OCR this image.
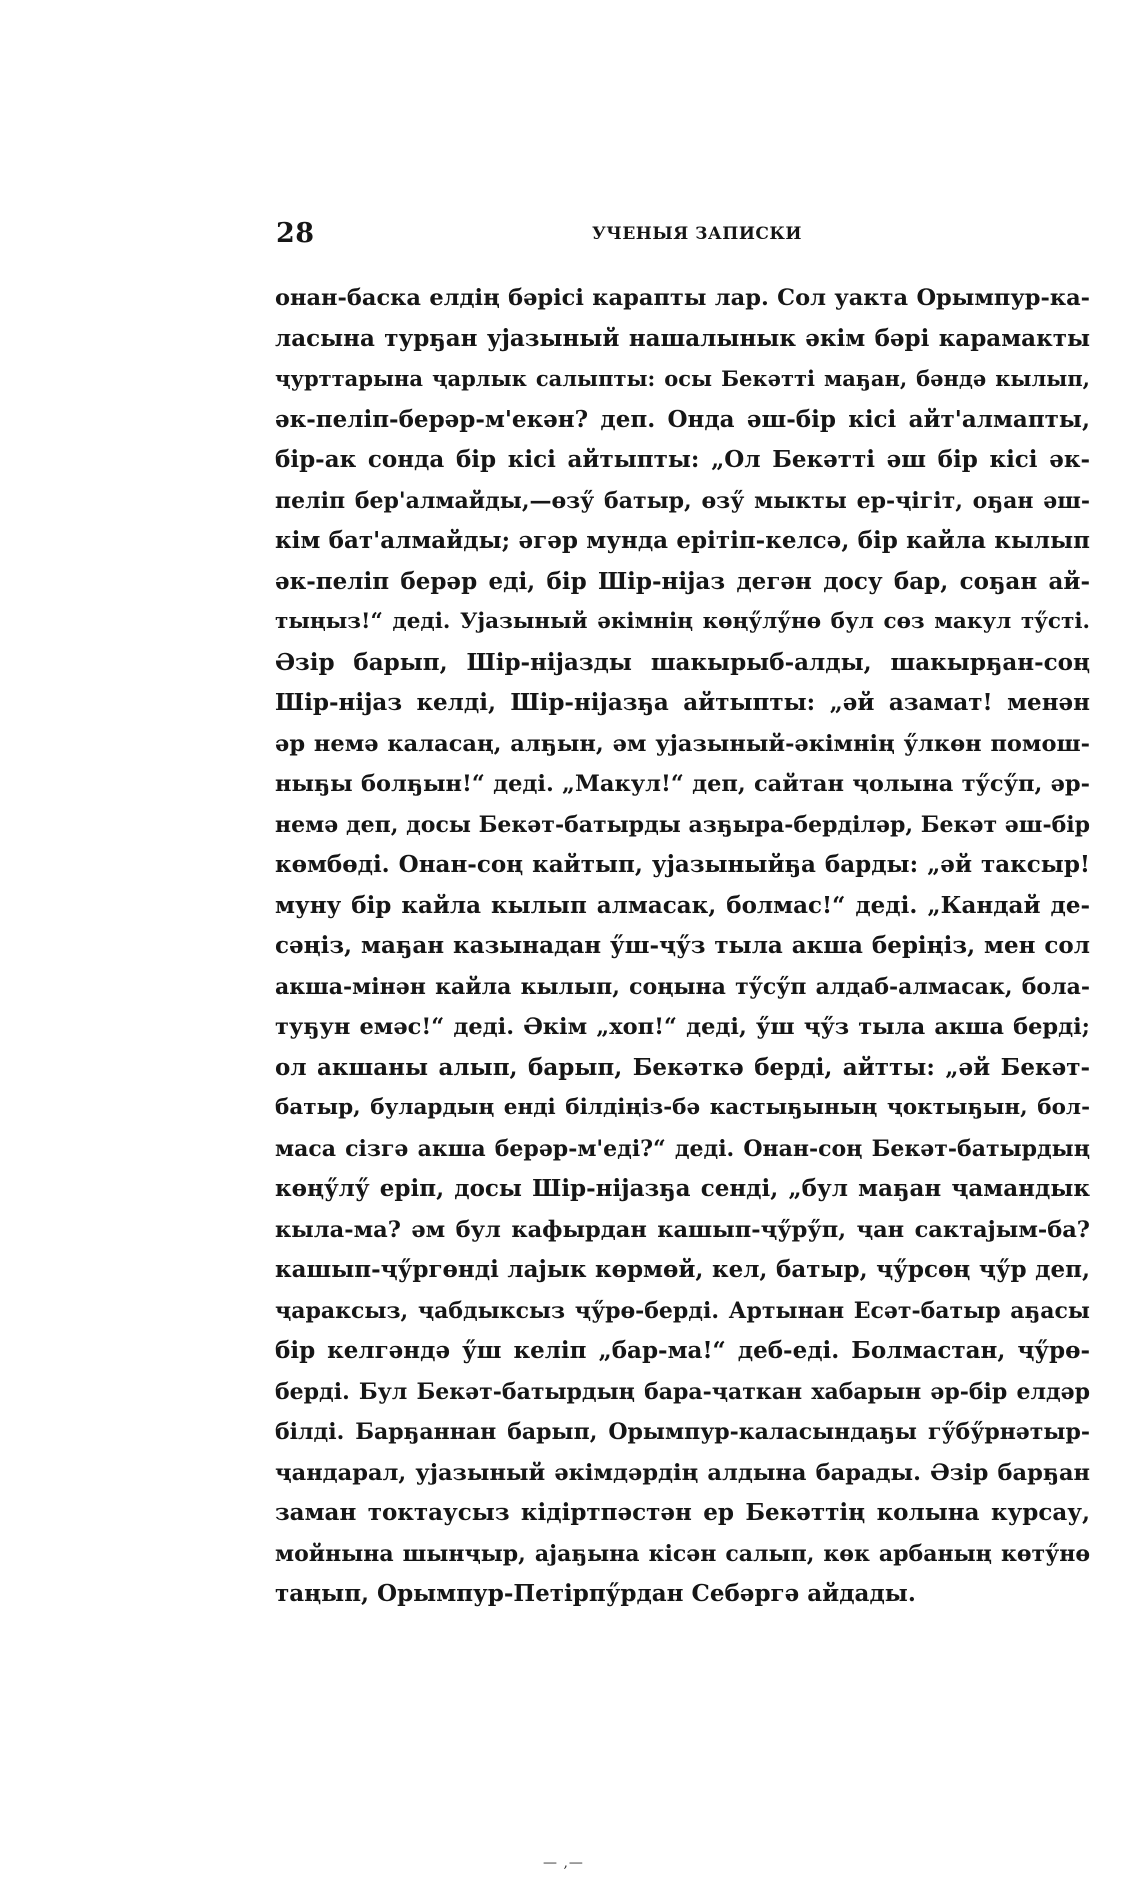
28	УЧЕНЫЯ ЗАПИСКИ
онан-баска елдің бәрісі карапты лар. Сол уакта Орымпур-ка-
ласына турҕан уjазыный нашалынык әкім бәрі карамакты
ҷурттарына ҷарлык салыпты: осы Бекәтті маҕан, бәндә кылып,
әк-пеліп-берәр-м'екән? деп. Онда әш-бір кісі айт'алмапты,
бір-ак сонда бір кісі айтыпты: „Ол Бекәтті әш бір кісі әк-
пеліп бер'алмайды,—өзӳ батыр, өзӳ мыкты ер-ҷігіт, оҕан әш-
кім бат'алмайды; әгәр мунда ерітіп-келсә, бір кайла кылып
әк-пеліп берәр еді, бір Шір-нijаз дегән досу бар, соҕан ай-
тыңыз!“ деді. Уjазыный әкімнің көңӳлӳнө бул сөз макул тӳсті.
Әзір барып, Шір-нijазды шакырыб-алды, шакырҕан-соң
Шір-нijаз келді, Шір-нijазҕа айтыпты: „әй азамат! менән
әр немә каласаң, алҕын, әм уjазыный-әкімнің ӳлкөн помош-
ныҕы болҕын!“ деді. „Макул!“ деп, сайтан ҷолына тӳсӳп, әр-
немә деп, досы Бекәт-батырды азҕыра-берділәр, Бекәт әш-бір
көмбөді. Онан-соң кайтып, уjазыныйҕа барды: „әй таксыр!
муну бір кайла кылып алмасак, болмас!“ деді. „Кандай де-
сәңіз, маҕан казынадан ӳш-ҷӳз тыла акша беріңіз, мен сол
акша-мінән кайла кылып, соңына тӳсӳп алдаб-алмасак, бола-
туҕун емәс!“ деді. Әкім „хоп!“ деді, ӳш ҷӳз тыла акша берді;
ол акшаны алып, барып, Бекәткә берді, айтты: „әй Бекәт-
батыр, булардың енді білдіңіз-бә кастыҕының ҷоктыҕын, бол-
маса сізгә акша берәр-м'еді?“ деді. Онан-соң Бекәт-батырдың
көңӳлӳ еріп, досы Шір-нijазҕа сенді, „бул маҕан ҷамандык
кыла-ма? әм бул кафырдан кашып-ҷӳрӳп, ҷан сактаjым-ба?
кашып-ҷӳргөнді лаjык көрмөй, кел, батыр, ҷӳрсөң ҷӳр деп,
ҷараксыз, ҷабдыксыз ҷӳрө-берді. Артынан Есәт-батыр аҕасы
бір келгәндә ӳш келіп „бар-ма!“ деб-еді. Болмастан, ҷӳрө-
берді. Бул Бекәт-батырдың бара-ҷаткан хабарын әр-бір елдәр
білді. Барҕаннан барып, Орымпур-каласындаҕы гӳбӳрнәтыр-
ҷандарал, уjазыный әкімдәрдің алдына барады. Әзір барҕан
заман токтаусыз кідіртпәстән ер Бекәттің колына курсау,
мойнына шынҷыр, аjаҕына кісән салып, көк арбаның көтӳнө
таңып, Орымпур-Петірпӳрдан Себәргә айдады.
— ,—
